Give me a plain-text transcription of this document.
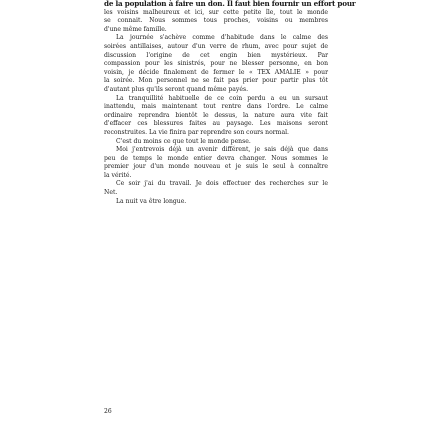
de la population à faire un don. Il faut bien fournir un effort pour
les voisins malheureux et ici, sur cette petite île, tout le monde
se connait. Nous sommes tous proches, voisins ou membres
d'une même famille.
La journée s'achève comme d'habitude dans le calme des
soirées antillaises, autour d'un verre de rhum, avec pour sujet de
discussion l'origine de cet engin bien mystérieux. Par
compassion pour les sinistrés, pour ne blesser personne, en bon
voisin, je décide finalement de fermer le « TEX AMALIE » pour
la soirée. Mon personnel ne se fait pas prier pour partir plus tôt
d'autant plus qu'ils seront quand même payés.
La tranquillité habituelle de ce coin perdu a eu un sursaut
inattendu, mais maintenant tout rentre dans l'ordre. Le calme
ordinaire reprendra bientôt le dessus, la nature aura vite fait
d'effacer ces blessures faites au paysage. Les maisons seront
reconstruites. La vie finira par reprendre son cours normal.
C'est du moins ce que tout le monde pense.
Moi j'entrevois déjà un avenir différent, je sais déjà que dans
peu de temps le monde entier devra changer. Nous sommes le
premier jour d'un monde nouveau et je suis le seul à connaître
la vérité.
Ce soir j'ai du travail. Je dois effectuer des recherches sur le
Net.
La nuit va être longue.
26
